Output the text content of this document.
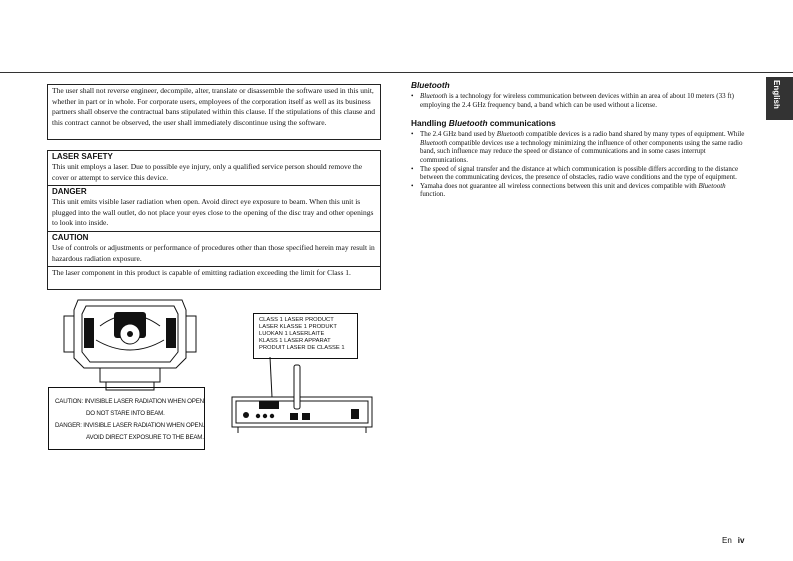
The user shall not reverse engineer, decompile, alter, translate or disassemble the software used in this unit, whether in part or in whole. For corporate users, employees of the corporation itself as well as its business partners shall observe the contractual bans stipulated within this clause. If the stipulations of this clause and this contract cannot be observed, the user shall immediately discontinue using the software.

LASER SAFETY

This unit employs a laser. Due to possible eye injury, only a qualified service person should remove the cover or attempt to service this device.

DANGER

This unit emits visible laser radiation when open. Avoid direct eye exposure to beam. When this unit is plugged into the wall outlet, do not place your eyes close to the opening of the disc tray and other openings to look into inside.

CAUTION

Use of controls or adjustments or performance of procedures other than those specified herein may result in hazardous radiation exposure.

The laser component in this product is capable of emitting radiation exceeding the limit for Class 1.

CAUTION: INVISIBLE LASER RADIATION WHEN OPEN.
DO NOT STARE INTO BEAM.
DANGER: INVISIBLE LASER RADIATION WHEN OPEN.
AVOID DIRECT EXPOSURE TO THE BEAM.
CLASS 1 LASER PRODUCT
LASER KLASSE 1 PRODUKT
LUOKAN 1 LASERLAITE
KLASS 1 LASER APPARAT
PRODUIT LASER DE CLASSE 1
Bluetooth
• Bluetooth is a technology for wireless communication between devices within an area of about 10 meters (33 ft) employing the 2.4 GHz frequency band, a band which can be used without a license.
Handling Bluetooth communications
• The 2.4 GHz band used by Bluetooth compatible devices is a radio band shared by many types of equipment. While Bluetooth compatible devices use a technology minimizing the influence of other components using the same radio band, such influence may reduce the speed or distance of communications and in some cases interrupt communications.
• The speed of signal transfer and the distance at which communication is possible differs according to the distance between the communicating devices, the presence of obstacles, radio wave conditions and the type of equipment.
• Yamaha does not guarantee all wireless connections between this unit and devices compatible with Bluetooth function.
English
En iv
